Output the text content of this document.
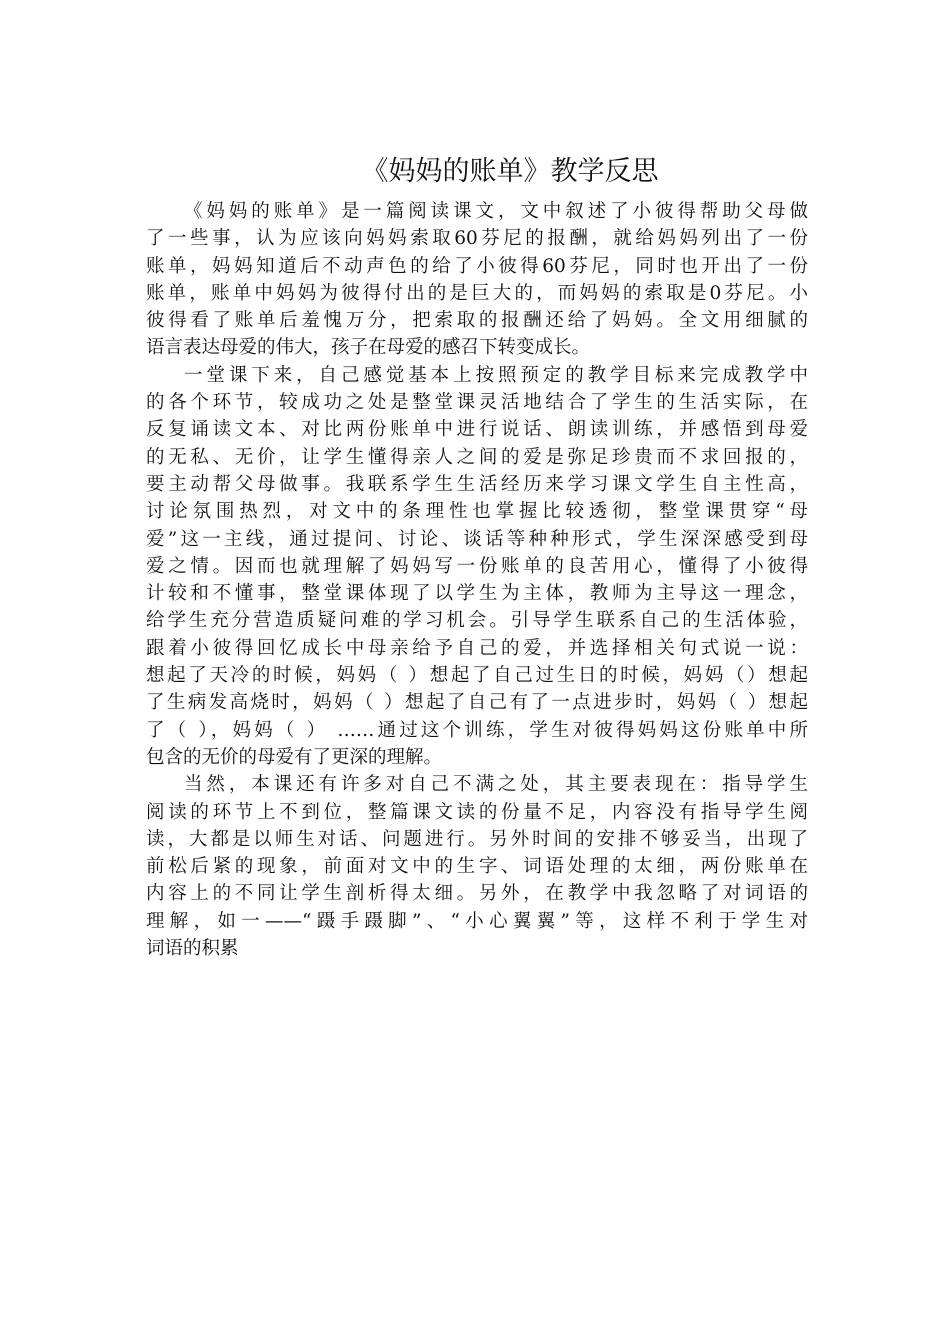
《妈妈的账单》教学反思
《妈妈的账单》是一篇阅读课文，文中叙述了小彼得帮助父母做
了一些事，认为应该向妈妈索取60芬尼的报酬，就给妈妈列出了一份
账单，妈妈知道后不动声色的给了小彼得60芬尼，同时也开出了一份
账单，账单中妈妈为彼得付出的是巨大的，而妈妈的索取是0芬尼。小
彼得看了账单后羞愧万分，把索取的报酬还给了妈妈。全文用细腻的
语言表达母爱的伟大，孩子在母爱的感召下转变成长。
一堂课下来，自己感觉基本上按照预定的教学目标来完成教学中
的各个环节，较成功之处是整堂课灵活地结合了学生的生活实际，在
反复诵读文本、对比两份账单中进行说话、朗读训练，并感悟到母爱
的无私、无价，让学生懂得亲人之间的爱是弥足珍贵而不求回报的，
要主动帮父母做事。我联系学生生活经历来学习课文学生自主性高，
讨论氛围热烈，对文中的条理性也掌握比较透彻，整堂课贯穿“母
爱”这一主线，通过提问、讨论、谈话等种种形式，学生深深感受到母
爱之情。因而也就理解了妈妈写一份账单的良苦用心，懂得了小彼得
计较和不懂事，整堂课体现了以学生为主体，教师为主导这一理念，
给学生充分营造质疑问难的学习机会。引导学生联系自己的生活体验，
跟着小彼得回忆成长中母亲给予自己的爱，并选择相关句式说一说：
想起了天冷的时候，妈妈（ ）想起了自己过生日的时候，妈妈（）想起
了生病发高烧时，妈妈（ ）想起了自己有了一点进步时，妈妈（ ）想起
了（ ），妈妈（ ） ……通过这个训练，学生对彼得妈妈这份账单中所
包含的无价的母爱有了更深的理解。
当然，本课还有许多对自己不满之处，其主要表现在：指导学生
阅读的环节上不到位，整篇课文读的份量不足，内容没有指导学生阅
读，大都是以师生对话、问题进行。另外时间的安排不够妥当，出现了
前松后紧的现象，前面对文中的生字、词语处理的太细，两份账单在
内容上的不同让学生剖析得太细。另外，在教学中我忽略了对词语的
理解，如一——“蹑手蹑脚”、“小心翼翼”等，这样不利于学生对
词语的积累
